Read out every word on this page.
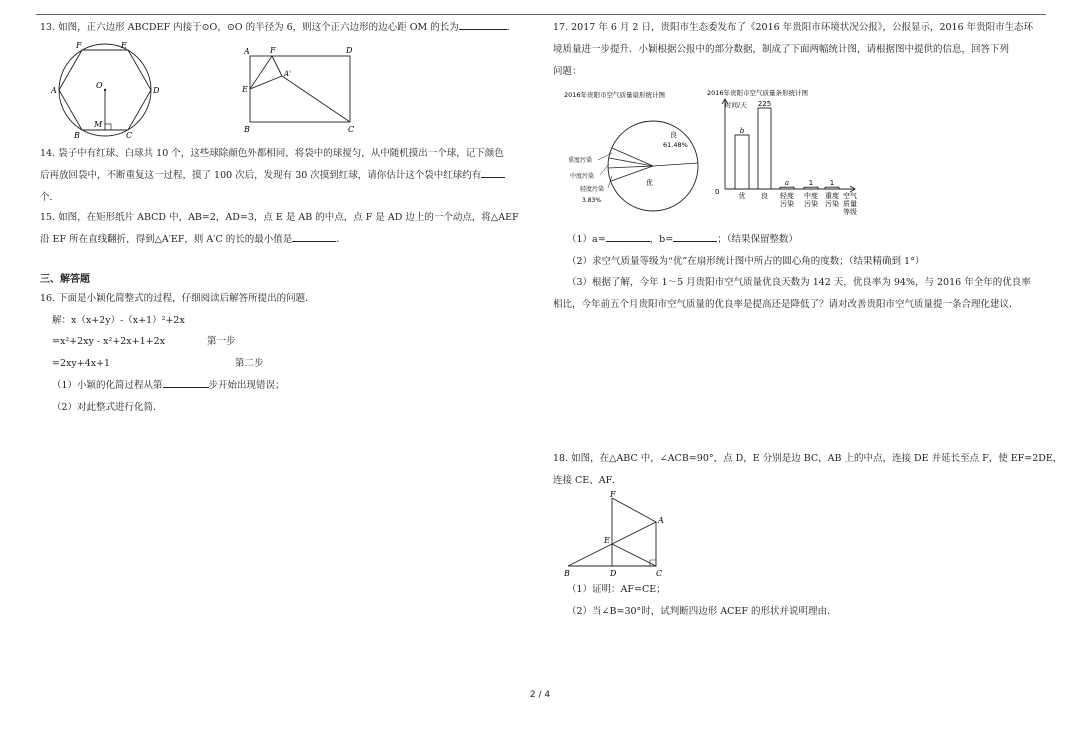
13. 如图，正六边形 ABCDEF 内接于⊙O，⊙O 的半径为 6，则这个正六边形的边心距 OM 的长为	．
F	E
A	D
O
M
B	C
A	F	D
A'
E
B	C
14. 袋子中有红球、白球共 10 个，这些球除颜色外都相同，将袋中的球搅匀，从中随机摸出一个球，记下颜色
后再放回袋中，不断重复这一过程，摸了 100 次后，发现有 30 次摸到红球，请你估计这个袋中红球约有
个．
15. 如图，在矩形纸片 ABCD 中，AB=2，AD=3，点 E 是 AB 的中点，点 F 是 AD 边上的一个动点，将△AEF
沿 EF 所在直线翻折，得到△A′EF，则 A′C 的长的最小值是	．
三、解答题
16. 下面是小颖化简整式的过程，仔细阅读后解答所提出的问题．
解：x（x+2y）-（x+1）²+2x
=x²+2xy - x²+2x+1+2x	第一步
=2xy+4x+1	第二步
（1）小颖的化简过程从第	步开始出现错误；
（2）对此整式进行化简．
17. 2017 年 6 月 2 日，贵阳市生态委发布了《2016 年贵阳市环境状况公报》，公报显示，2016 年贵阳市生态环
境质量进一步提升．小颖根据公报中的部分数据，制成了下面两幅统计图，请根据图中提供的信息，回答下列
问题：
2016年贵阳市空气质量扇形统计图
良
61.48%
优
重度污染
中度污染
轻度污染
3.83%
2016年贵阳市空气质量条形统计图
时间/天
0
b
优
225
良
a
轻度
污染
1
中度
污染
1
重度
污染
空气
质量
等级
（1）a=	，b=	；（结果保留整数）
（2）求空气质量等级为“优”在扇形统计图中所占的圆心角的度数；（结果精确到 1°）
（3）根据了解，今年 1～5 月贵阳市空气质量优良天数为 142 天，优良率为 94%，与 2016 年全年的优良率
相比，今年前五个月贵阳市空气质量的优良率是提高还是降低了？请对改善贵阳市空气质量提一条合理化建议．
18. 如图，在△ABC 中，∠ACB=90°，点 D，E 分别是边 BC，AB 上的中点，连接 DE 并延长至点 F，使 EF=2DE，
连接 CE、AF．
F
A
E
B	D	C
（1）证明：AF=CE；
（2）当∠B=30°时，试判断四边形 ACEF 的形状并说明理由．
2 / 4
